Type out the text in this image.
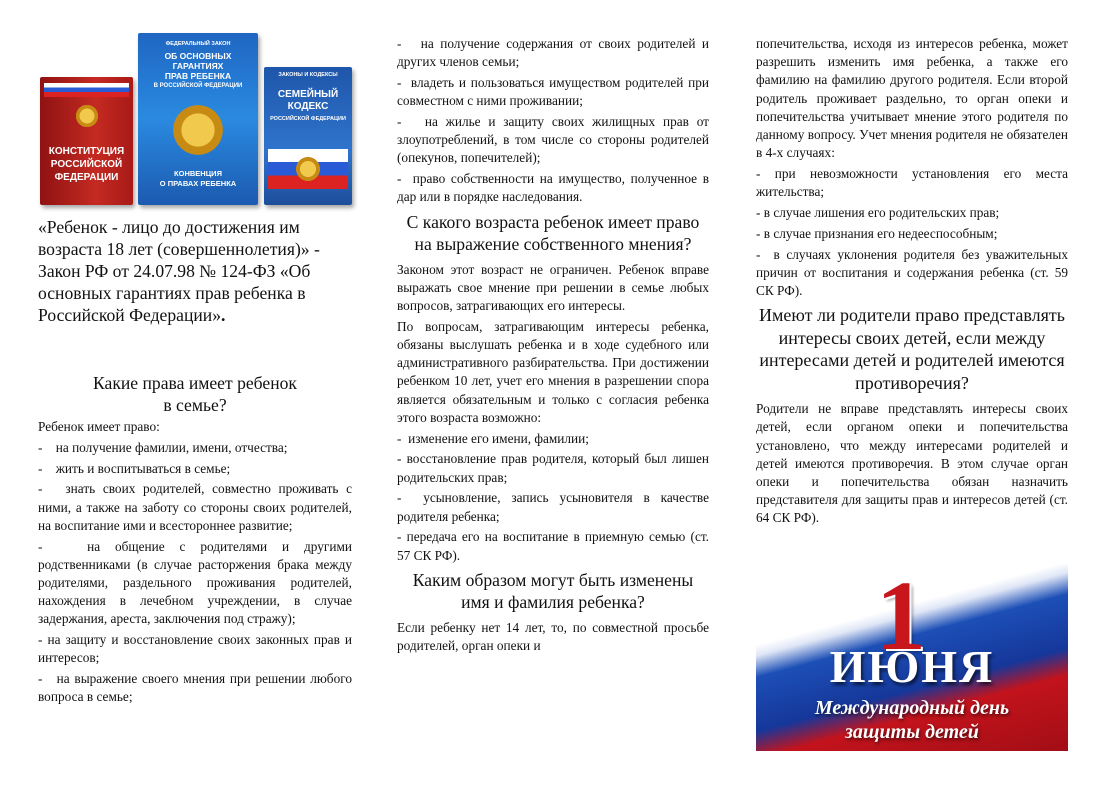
КОНСТИТУЦИЯ
РОССИЙСКОЙ
ФЕДЕРАЦИИ
ФЕДЕРАЛЬНЫЙ ЗАКОН
ОБ ОСНОВНЫХ
ГАРАНТИЯХ
ПРАВ РЕБЕНКА
В РОССИЙСКОЙ ФЕДЕРАЦИИ
КОНВЕНЦИЯ
О ПРАВАХ РЕБЕНКА
ЗАКОНЫ И КОДЕКСЫ
СЕМЕЙНЫЙ
КОДЕКС
РОССИЙСКОЙ ФЕДЕРАЦИИ

«Ребенок - лицо до достижения им возраста 18 лет (совершеннолетия)» - Закон РФ от 24.07.98 № 124-ФЗ «Об основных гарантиях прав ребенка в Российской Федерации».

Какие права имеет ребенок
в семье?

Ребенок имеет право:

-    на получение фамилии, имени, отчества;

-    жить и воспитываться в семье;

-   знать своих родителей, совместно проживать с ними, а также на заботу со стороны своих родителей, на воспитание ими и всестороннее развитие;

-   на общение с родителями и другими родственниками (в случае расторжения брака между родителями, раздельного проживания родителей, нахождения в лечебном учреждении, в случае задержания, ареста, заключения под стражу);

- на защиту и восстановление своих законных прав и интересов;

-   на выражение своего мнения при решении любого вопроса в семье;

-   на получение содержания от своих родителей и других членов семьи;

-  владеть и пользоваться имуществом родителей при совместном с ними проживании;

-   на жилье и защиту своих жилищных прав от злоупотреблений, в том числе со стороны родителей (опекунов, попечителей);

-  право собственности на имущество, полученное в дар или в порядке наследования.

С какого возраста ребенок имеет право на выражение собственного мнения?

Законом этот возраст не ограничен. Ребенок вправе выражать свое мнение при решении в семье любых вопросов, затрагивающих его интересы.

По вопросам, затрагивающим интересы ребенка, обязаны выслушать ребенка и в ходе судебного или административного разбирательства. При достижении ребенком 10 лет, учет его мнения в разрешении спора является обязательным и только с согласия ребенка этого возраста возможно:

-  изменение его имени, фамилии;

- восстановление прав родителя, который был лишен родительских прав;

-  усыновление, запись усыновителя в качестве родителя ребенка;

- передача его на воспитание в приемную семью (ст. 57 СК РФ).

Каким образом могут быть изменены имя и фамилия ребенка?

Если ребенку нет 14 лет, то, по совместной просьбе родителей, орган опеки и

попечительства, исходя из интересов ребенка, может разрешить изменить имя ребенка, а также его фамилию на фамилию другого родителя. Если второй родитель проживает раздельно, то орган опеки и попечительства учитывает мнение этого родителя по данному вопросу. Учет мнения родителя не обязателен в 4-х случаях:

- при невозможности установления его места жительства;

- в случае лишения его родительских прав;

- в случае признания его недееспособным;

-  в случаях уклонения родителя без уважительных причин от воспитания и содержания ребенка (ст. 59 СК РФ).

Имеют ли родители право представлять интересы своих детей, если между интересами детей и родителей имеются противоречия?

Родители не вправе представлять интересы своих детей, если органом опеки и попечительства установлено, что между интересами родителей и детей имеются противоречия. В этом случае орган опеки и попечительства обязан назначить представителя для защиты прав и интересов детей (ст. 64 СК РФ).

1
ИЮНЯ
Международный день
защиты детей
